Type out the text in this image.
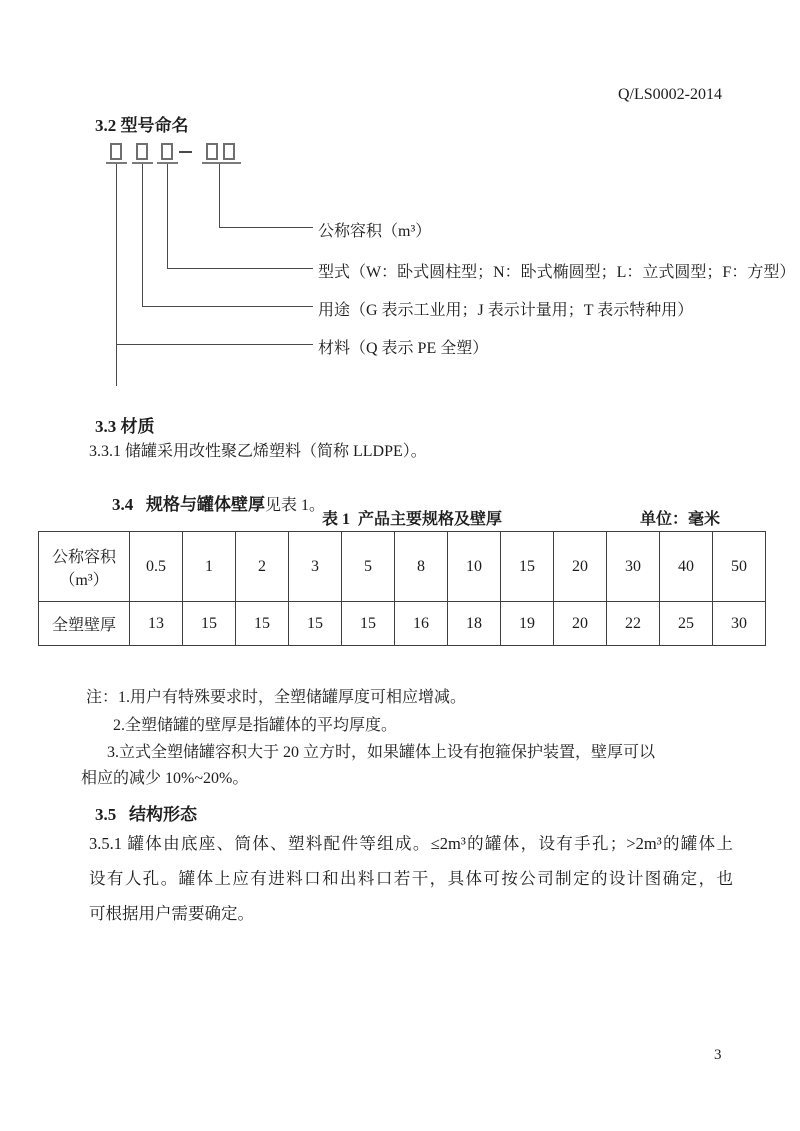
Q/LS0002-2014
3.2 型号命名
公称容积（m³）
型式（W：卧式圆柱型；N：卧式椭圆型；L：立式圆型；F：方型）
用途（G 表示工业用；J 表示计量用；T 表示特种用）
材料（Q 表示 PE 全塑）
3.3 材质
3.3.1 储罐采用改性聚乙烯塑料（简称 LLDPE）。

3.4   规格与罐体壁厚见表 1。

表 1  产品主要规格及壁厚	单位：毫米
公称容积
（m³）	0.5	1	2	3	5	8	10	15	20	30	40	50
全塑壁厚	13	15	15	15	15	16	18	19	20	22	25	30
注：1.用户有特殊要求时，全塑储罐厚度可相应增减。
2.全塑储罐的壁厚是指罐体的平均厚度。
3.立式全塑储罐容积大于 20 立方时，如果罐体上设有抱箍保护装置，壁厚可以
相应的减少 10%~20%。
3.5   结构形态
3.5.1 罐体由底座、筒体、塑料配件等组成。≤2m³的罐体，设有手孔；>2m³的罐体上
设有人孔。罐体上应有进料口和出料口若干，具体可按公司制定的设计图确定，也
可根据用户需要确定。
3
